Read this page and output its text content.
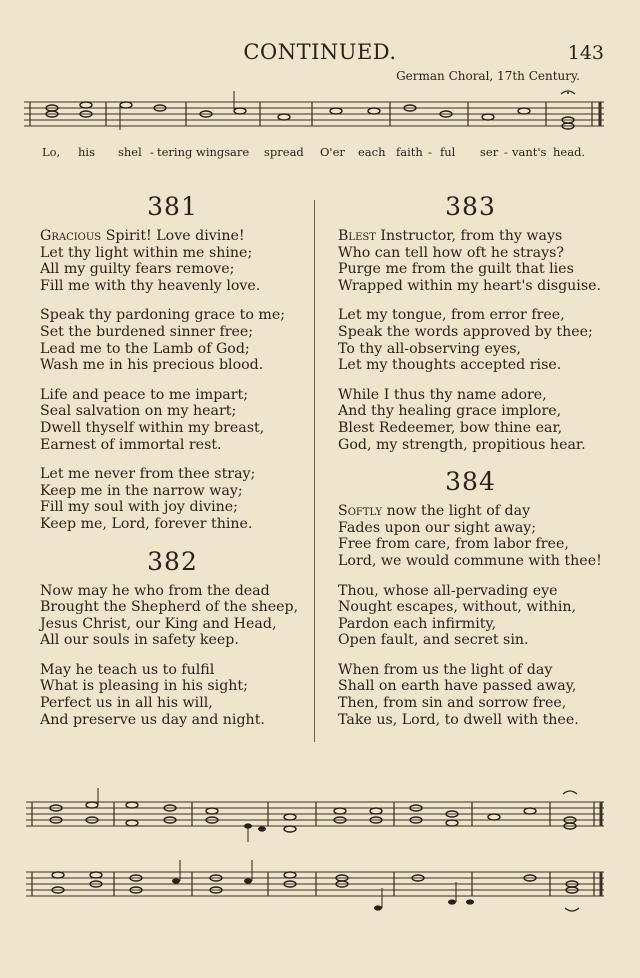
CONTINUED.	143
German Choral, 17th Century.
Lo, his shel - tering wings are spread O'er each faith - ful ser - vant's head.
381
Gracious Spirit! Love divine!
Let thy light within me shine;
All my guilty fears remove;
Fill me with thy heavenly love.
Speak thy pardoning grace to me;
Set the burdened sinner free;
Lead me to the Lamb of God;
Wash me in his precious blood.
Life and peace to me impart;
Seal salvation on my heart;
Dwell thyself within my breast,
Earnest of immortal rest.
Let me never from thee stray;
Keep me in the narrow way;
Fill my soul with joy divine;
Keep me, Lord, forever thine.
382
Now may he who from the dead
Brought the Shepherd of the sheep,
Jesus Christ, our King and Head,
All our souls in safety keep.
May he teach us to fulfil
What is pleasing in his sight;
Perfect us in all his will,
And preserve us day and night.
383
Blest Instructor, from thy ways
Who can tell how oft he strays?
Purge me from the guilt that lies
Wrapped within my heart's disguise.
Let my tongue, from error free,
Speak the words approved by thee;
To thy all-observing eyes,
Let my thoughts accepted rise.
While I thus thy name adore,
And thy healing grace implore,
Blest Redeemer, bow thine ear,
God, my strength, propitious hear.
384
Softly now the light of day
Fades upon our sight away;
Free from care, from labor free,
Lord, we would commune with thee!
Thou, whose all-pervading eye
Nought escapes, without, within,
Pardon each infirmity,
Open fault, and secret sin.
When from us the light of day
Shall on earth have passed away,
Then, from sin and sorrow free,
Take us, Lord, to dwell with thee.
